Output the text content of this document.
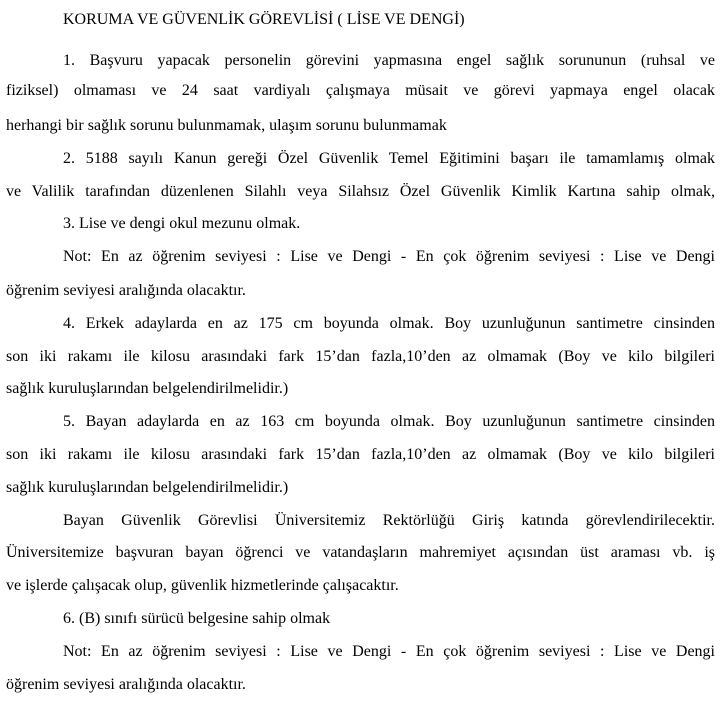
KORUMA VE GÜVENLİK GÖREVLİSİ ( LİSE VE DENGİ)
1. Başvuru yapacak personelin görevini yapmasına engel sağlık sorununun (ruhsal ve
fiziksel) olmaması ve 24 saat vardiyalı çalışmaya müsait ve görevi yapmaya engel olacak
herhangi bir sağlık sorunu bulunmamak, ulaşım sorunu bulunmamak
2. 5188 sayılı Kanun gereği Özel Güvenlik Temel Eğitimini başarı ile tamamlamış olmak
ve Valilik tarafından düzenlenen Silahlı veya Silahsız Özel Güvenlik Kimlik Kartına sahip olmak,
3. Lise ve dengi okul mezunu olmak.
Not: En az öğrenim seviyesi : Lise ve Dengi - En çok öğrenim seviyesi : Lise ve Dengi
öğrenim seviyesi aralığında olacaktır.
4. Erkek adaylarda en az 175 cm boyunda olmak. Boy uzunluğunun santimetre cinsinden
son iki rakamı ile kilosu arasındaki fark 15’dan fazla,10’den az olmamak (Boy ve kilo bilgileri
sağlık kuruluşlarından belgelendirilmelidir.)
5. Bayan adaylarda en az 163 cm boyunda olmak. Boy uzunluğunun santimetre cinsinden
son iki rakamı ile kilosu arasındaki fark 15’dan fazla,10’den az olmamak (Boy ve kilo bilgileri
sağlık kuruluşlarından belgelendirilmelidir.)
Bayan Güvenlik Görevlisi Üniversitemiz Rektörlüğü Giriş katında görevlendirilecektir.
Üniversitemize başvuran bayan öğrenci ve vatandaşların mahremiyet açısından üst araması vb. iş
ve işlerde çalışacak olup, güvenlik hizmetlerinde çalışacaktır.
6. (B) sınıfı sürücü belgesine sahip olmak
Not: En az öğrenim seviyesi : Lise ve Dengi - En çok öğrenim seviyesi : Lise ve Dengi
öğrenim seviyesi aralığında olacaktır.
